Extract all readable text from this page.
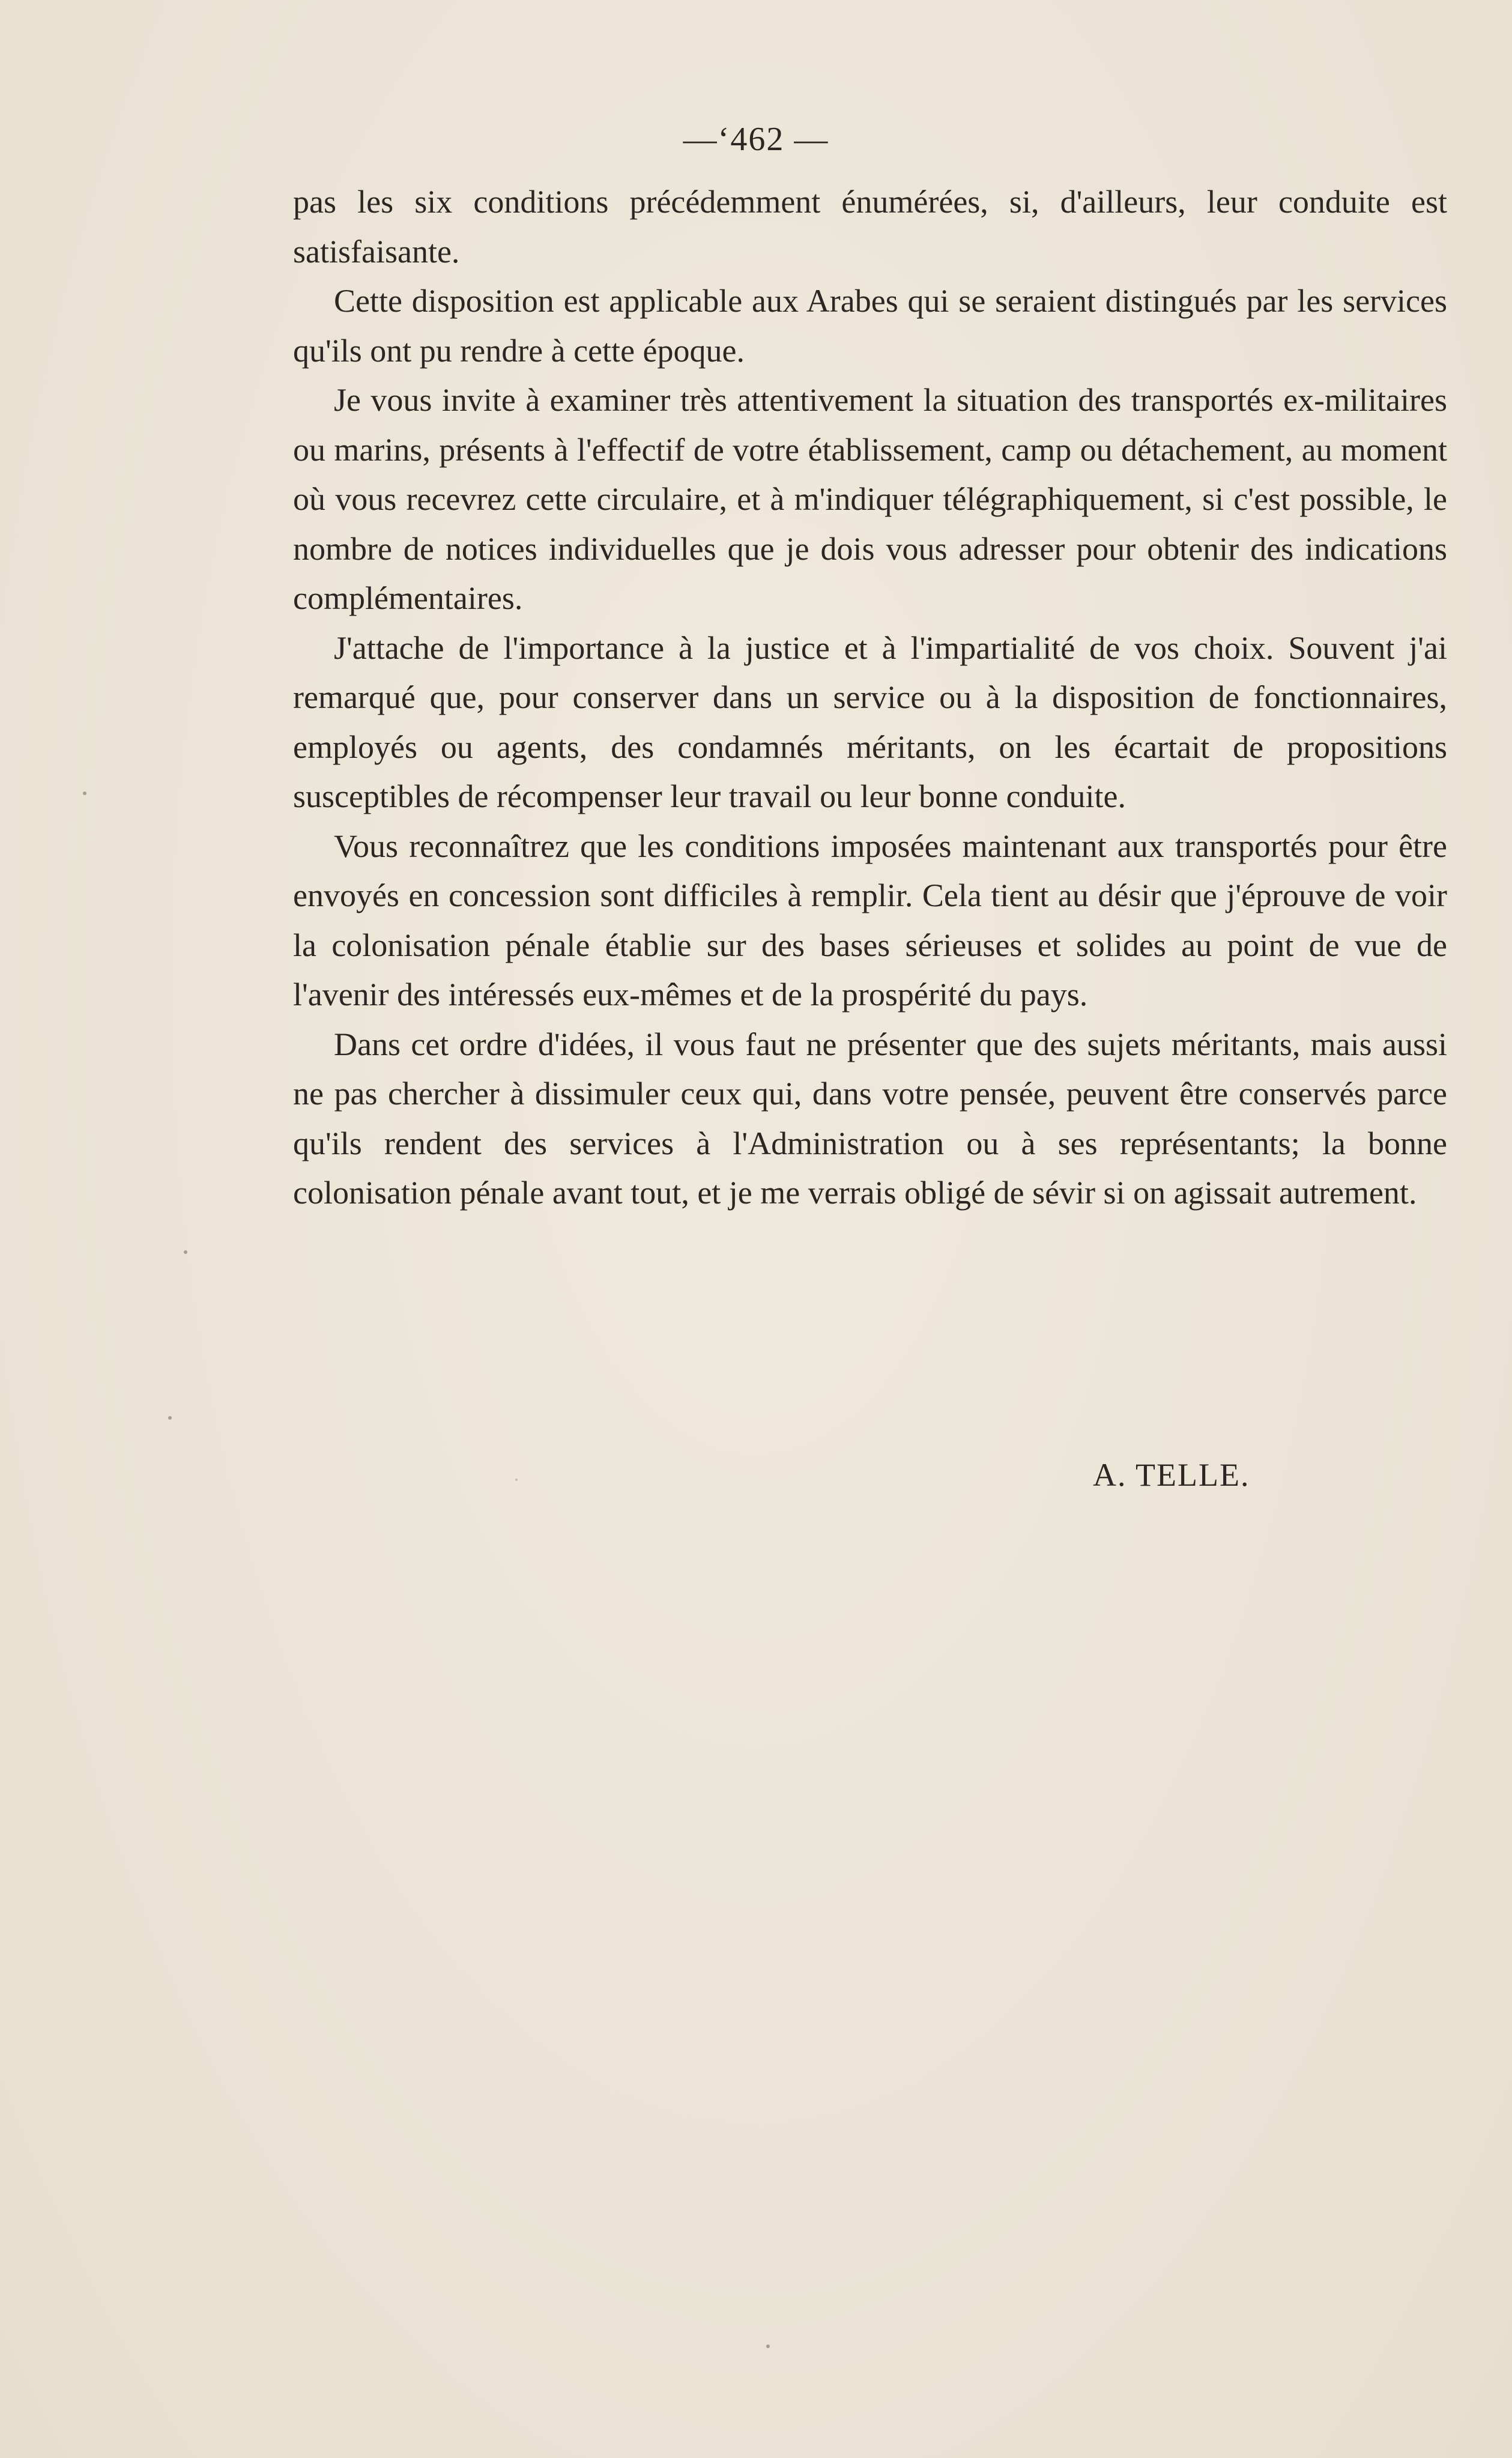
—ʻ462 —

pas les six conditions précédemment énumérées, si, d'ailleurs, leur conduite est satisfaisante.

Cette disposition est applicable aux Arabes qui se seraient distingués par les services qu'ils ont pu rendre à cette époque.

Je vous invite à examiner très attentivement la situation des transportés ex-militaires ou marins, présents à l'effectif de votre établissement, camp ou détachement, au moment où vous recevrez cette circulaire, et à m'indiquer télégraphiquement, si c'est possible, le nombre de notices individuelles que je dois vous adresser pour obtenir des indications complémentaires.

J'attache de l'importance à la justice et à l'impartialité de vos choix. Souvent j'ai remarqué que, pour conserver dans un service ou à la disposition de fonctionnaires, employés ou agents, des condamnés méritants, on les écartait de propositions susceptibles de récompenser leur travail ou leur bonne conduite.

Vous reconnaîtrez que les conditions imposées maintenant aux transportés pour être envoyés en concession sont difficiles à remplir. Cela tient au désir que j'éprouve de voir la colonisation pénale établie sur des bases sérieuses et solides au point de vue de l'avenir des intéressés eux-mêmes et de la prospérité du pays.

Dans cet ordre d'idées, il vous faut ne présenter que des sujets méritants, mais aussi ne pas chercher à dissimuler ceux qui, dans votre pensée, peuvent être conservés parce qu'ils rendent des services à l'Administration ou à ses représentants; la bonne colonisation pénale avant tout, et je me verrais obligé de sévir si on agissait autrement.

A. TELLE.
